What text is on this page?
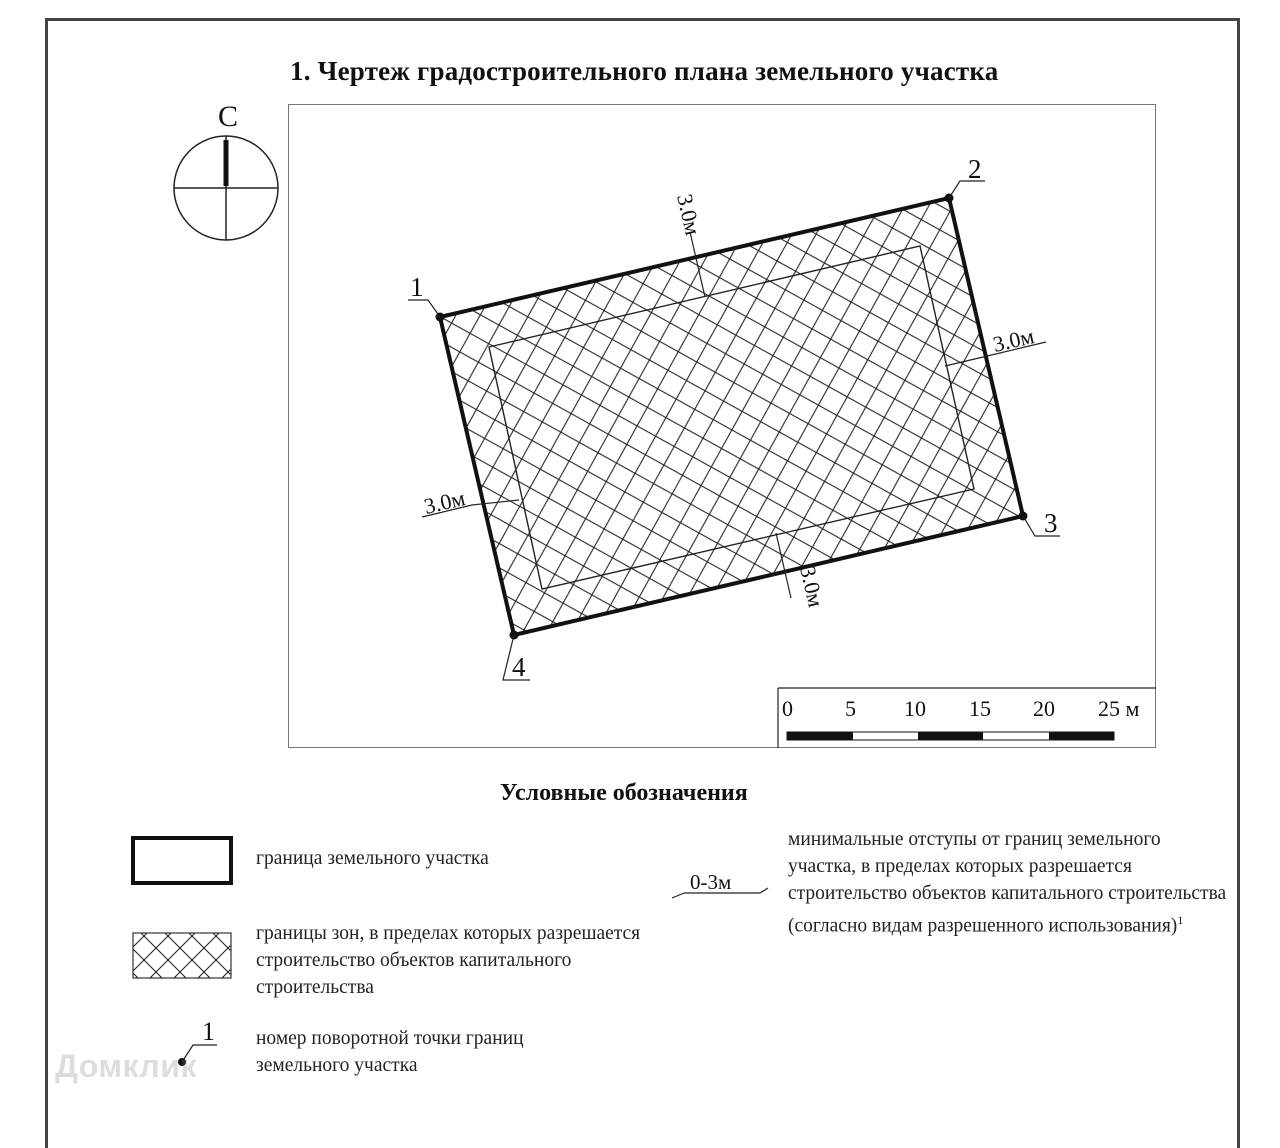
1. Чертеж градостроительного плана земельного участка
С
1
2
3
4
3.0м
3.0м
3.0м
3.0м
0 5 10 15 20 25 м
1
0-3м
Условные обозначения
граница земельного участка
границы зон, в пределах которых разрешается строительство объектов капитального строительства
номер поворотной точки границ земельного участка
минимальные отступы от границ земельного участка, в пределах которых разрешается строительство объектов капитального строительства (согласно видам разрешенного использования)$^1$
Домклик
